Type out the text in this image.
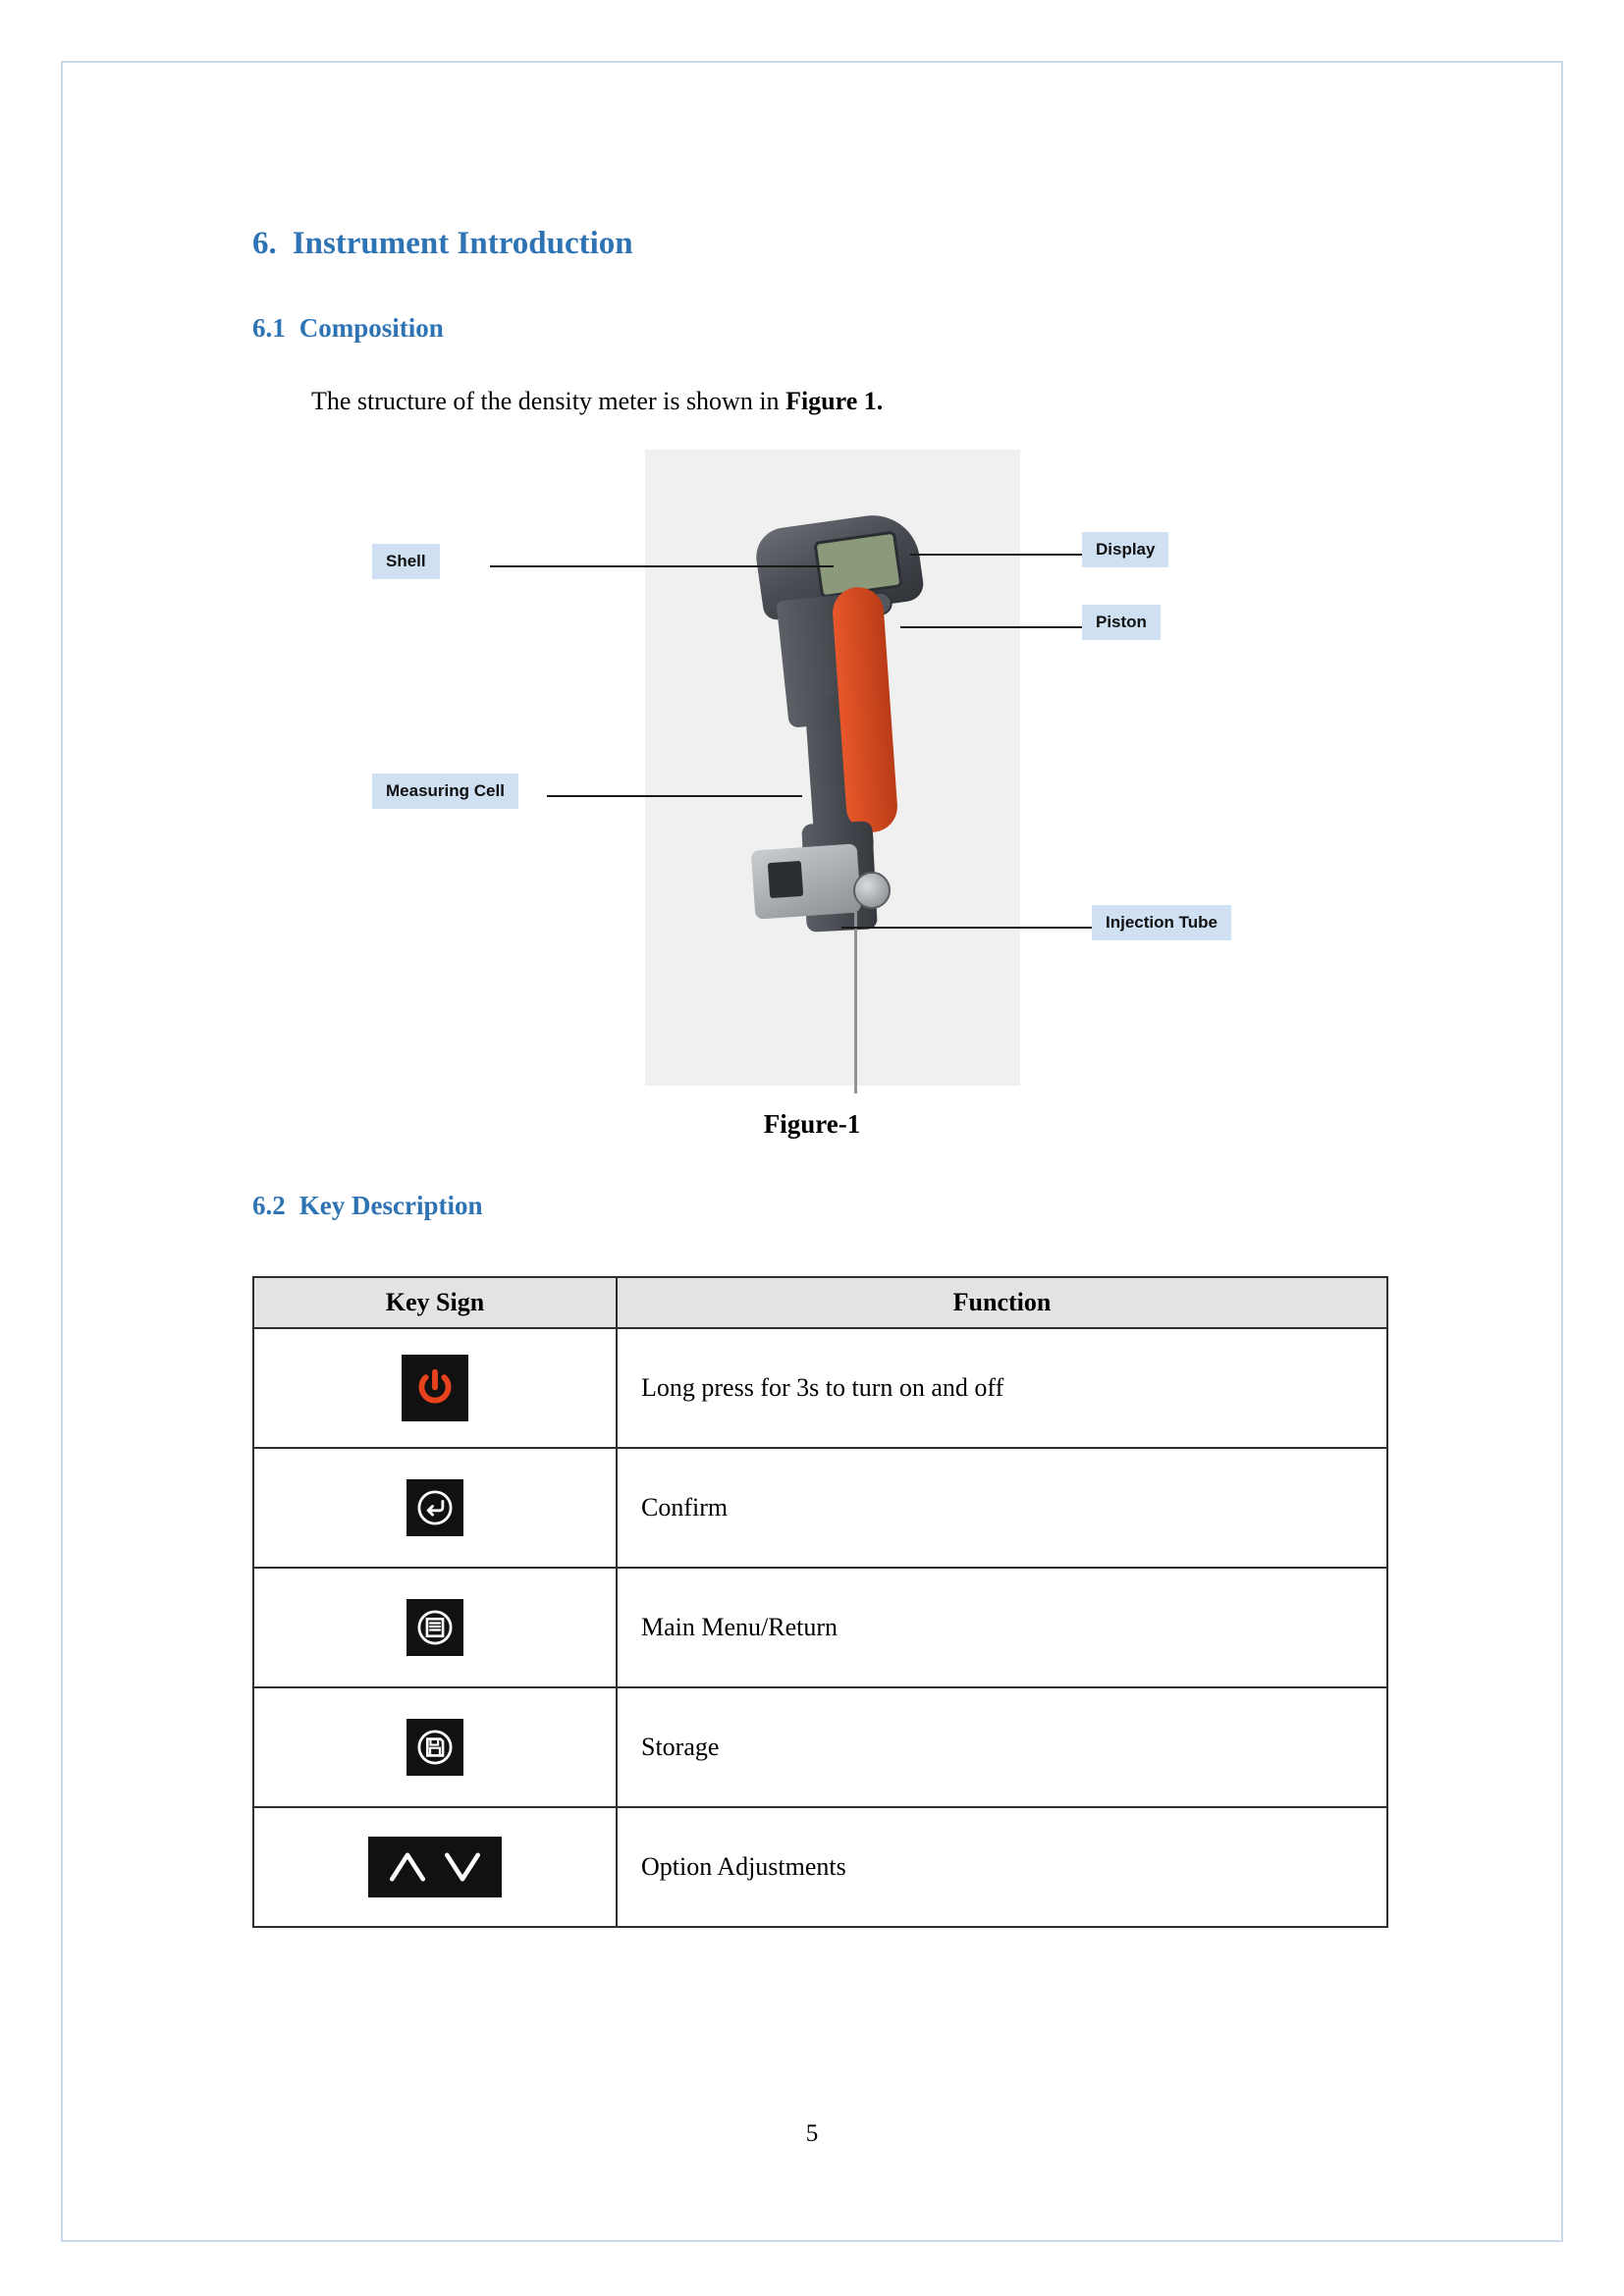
6. Instrument Introduction
6.1 Composition

The structure of the density meter is shown in Figure 1.

Shell
Display
Piston
Measuring Cell
Injection Tube
Figure-1
6.2 Key Description
Key Sign	Function

	Long press for 3s to turn on and off

	Confirm

	Main Menu/Return

	Storage

	Option Adjustments
5
